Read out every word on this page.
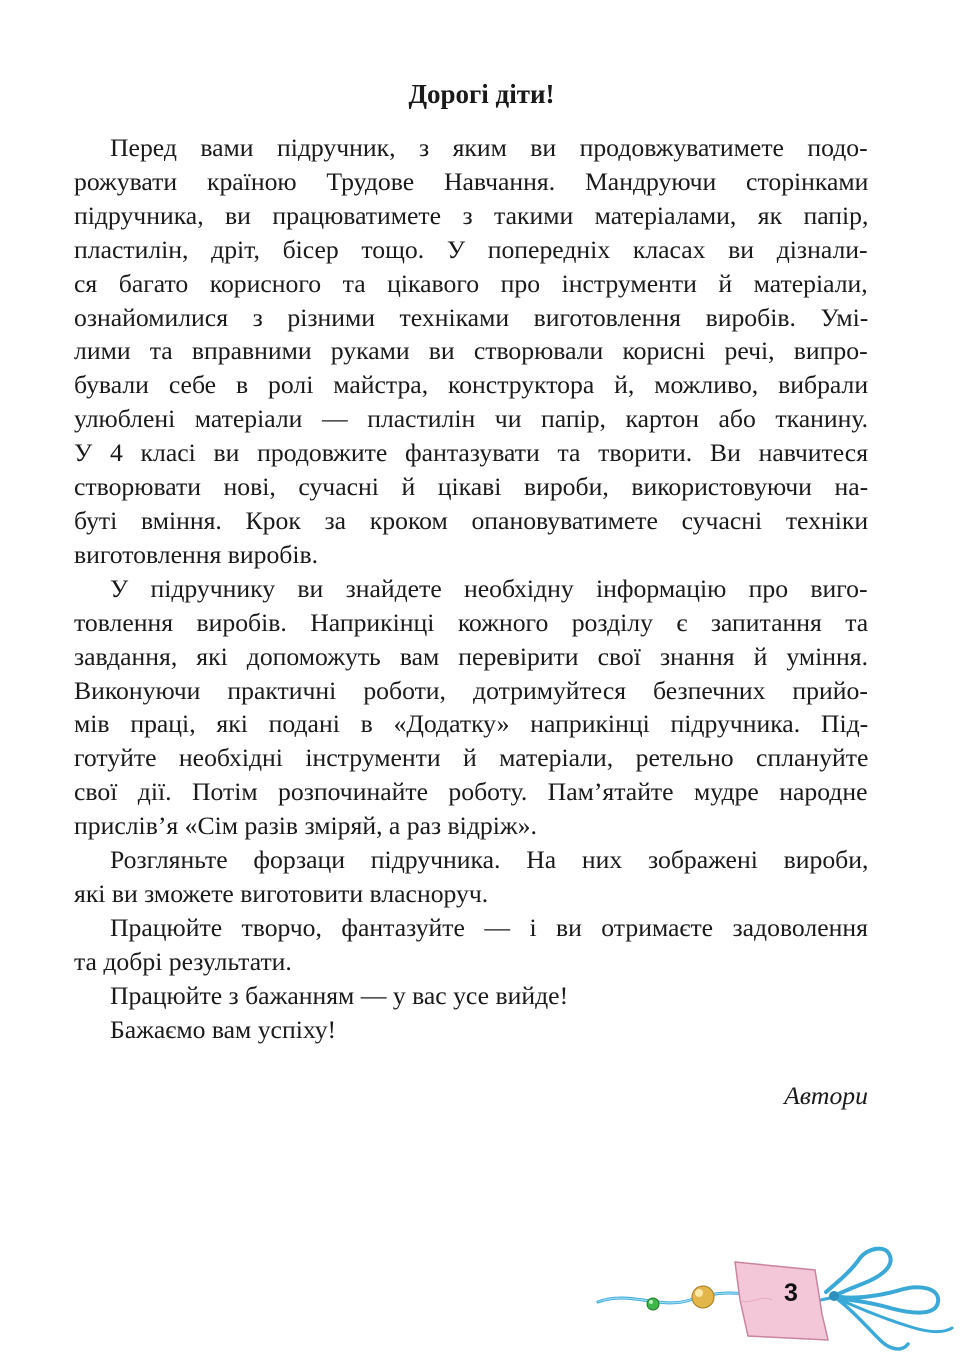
Дорогі діти!

Перед вами підручник, з яким ви продовжуватимете подо-
рожувати країною Трудове Навчання. Мандруючи сторінками
підручника, ви працюватимете з такими матеріалами, як папір,
пластилін, дріт, бісер тощо. У попередніх класах ви дізнали-
ся багато корисного та цікавого про інструменти й матеріали,
ознайомилися з різними техніками виготовлення виробів. Умі-
лими та вправними руками ви створювали корисні речі, випро-
бували себе в ролі майстра, конструктора й, можливо, вибрали
улюблені матеріали — пластилін чи папір, картон або тканину.
У 4 класі ви продовжите фантазувати та творити. Ви навчитеся
створювати нові, сучасні й цікаві вироби, використовуючи на-
буті вміння. Крок за кроком опановуватимете сучасні техніки
виготовлення виробів.

У підручнику ви знайдете необхідну інформацію про виго-
товлення виробів. Наприкінці кожного розділу є запитання та
завдання, які допоможуть вам перевірити свої знання й уміння.
Виконуючи практичні роботи, дотримуйтеся безпечних прийо-
мів праці, які подані в «Додатку» наприкінці підручника. Під-
готуйте необхідні інструменти й матеріали, ретельно сплануйте
свої дії. Потім розпочинайте роботу. Пам’ятайте мудре народне
прислів’я «Сім разів зміряй, а раз відріж».

Розгляньте форзаци підручника. На них зображені вироби,
які ви зможете виготовити власноруч.

Працюйте творчо, фантазуйте — і ви отримаєте задоволення
та добрі результати.

Працюйте з бажанням — у вас усе вийде!

Бажаємо вам успіху!

Автори

3
